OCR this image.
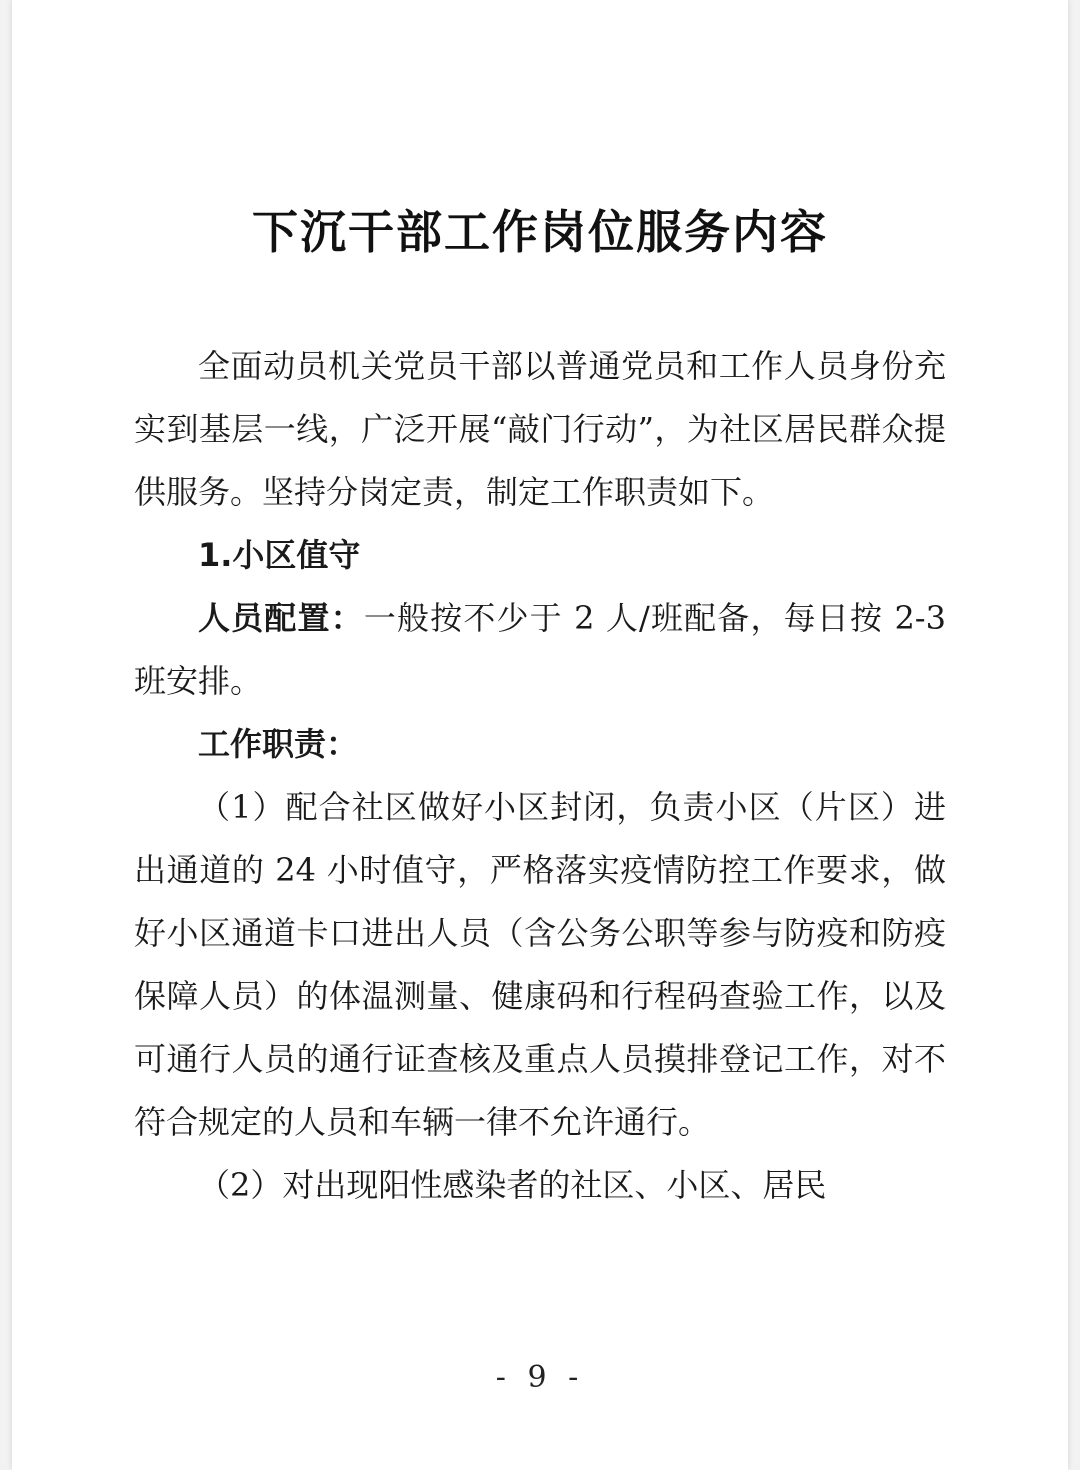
下沉干部工作岗位服务内容

全面动员机关党员干部以普通党员和工作人员身份充实到基层一线，广泛开展“敲门行动”，为社区居民群众提供服务。坚持分岗定责，制定工作职责如下。

1.小区值守

人员配置：一般按不少于 2 人/班配备，每日按 2-3 班安排。

工作职责：

（1）配合社区做好小区封闭，负责小区（片区）进出通道的 24 小时值守，严格落实疫情防控工作要求，做好小区通道卡口进出人员（含公务公职等参与防疫和防疫保障人员）的体温测量、健康码和行程码查验工作，以及可通行人员的通行证查核及重点人员摸排登记工作，对不符合规定的人员和车辆一律不允许通行。

（2）对出现阳性感染者的社区、小区、居民

- 9 -
